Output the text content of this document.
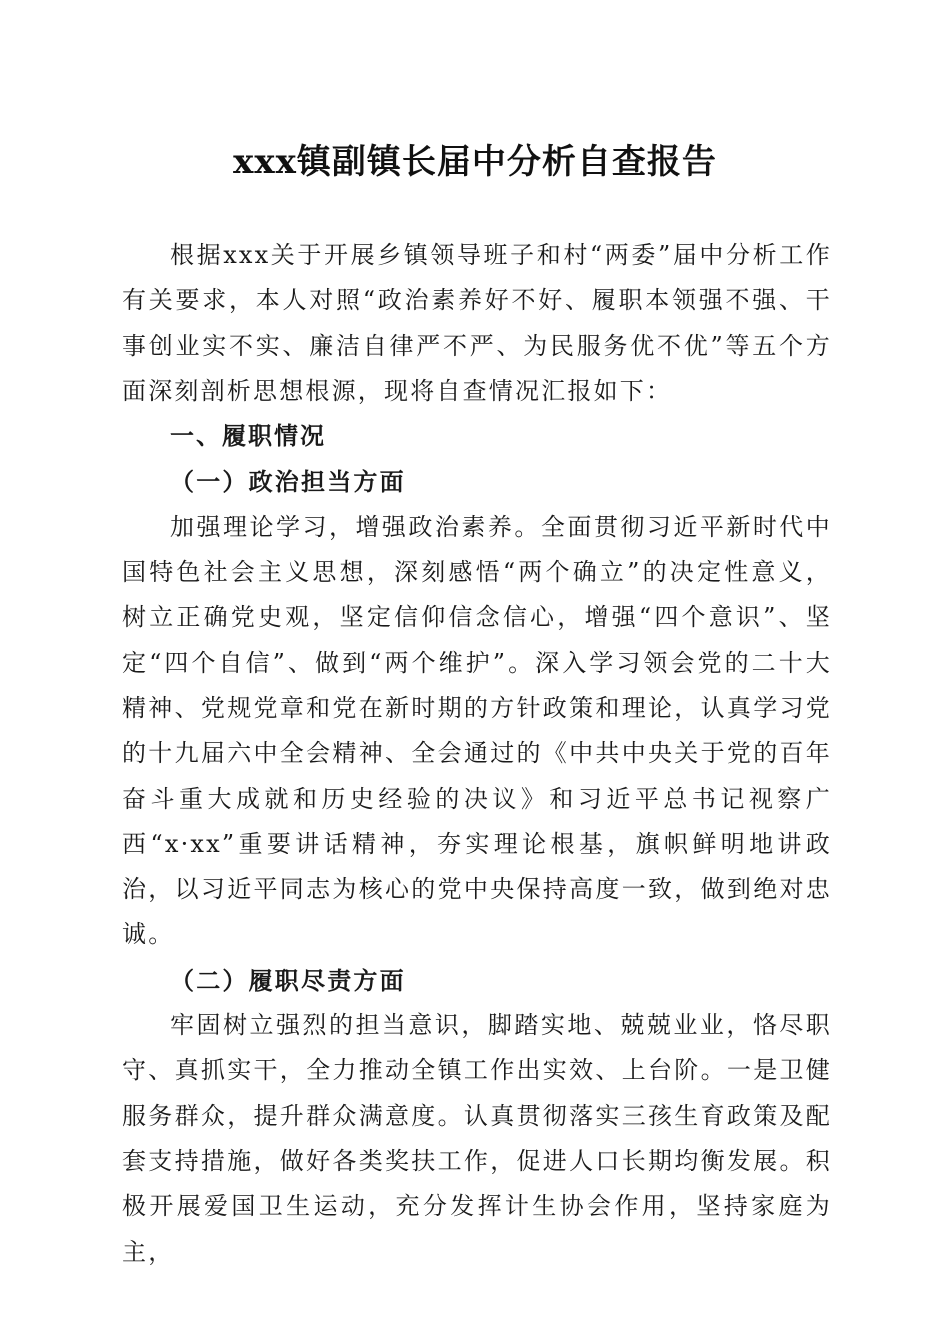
xxx镇副镇长届中分析自查报告

根据xxx关于开展乡镇领导班子和村“两委”届中分析工作有关要求，本人对照“政治素养好不好、履职本领强不强、干事创业实不实、廉洁自律严不严、为民服务优不优”等五个方面深刻剖析思想根源，现将自查情况汇报如下：

一、履职情况

（一）政治担当方面

加强理论学习，增强政治素养。全面贯彻习近平新时代中国特色社会主义思想，深刻感悟“两个确立”的决定性意义，树立正确党史观，坚定信仰信念信心，增强“四个意识”、坚定“四个自信”、做到“两个维护”。深入学习领会党的二十大精神、党规党章和党在新时期的方针政策和理论，认真学习党的十九届六中全会精神、全会通过的《中共中央关于党的百年奋斗重大成就和历史经验的决议》和习近平总书记视察广西“x·xx”重要讲话精神，夯实理论根基，旗帜鲜明地讲政治，以习近平同志为核心的党中央保持高度一致，做到绝对忠诚。

（二）履职尽责方面

牢固树立强烈的担当意识，脚踏实地、兢兢业业，恪尽职守、真抓实干，全力推动全镇工作出实效、上台阶。一是卫健服务群众，提升群众满意度。认真贯彻落实三孩生育政策及配套支持措施，做好各类奖扶工作，促进人口长期均衡发展。积极开展爱国卫生运动，充分发挥计生协会作用，坚持家庭为主，
